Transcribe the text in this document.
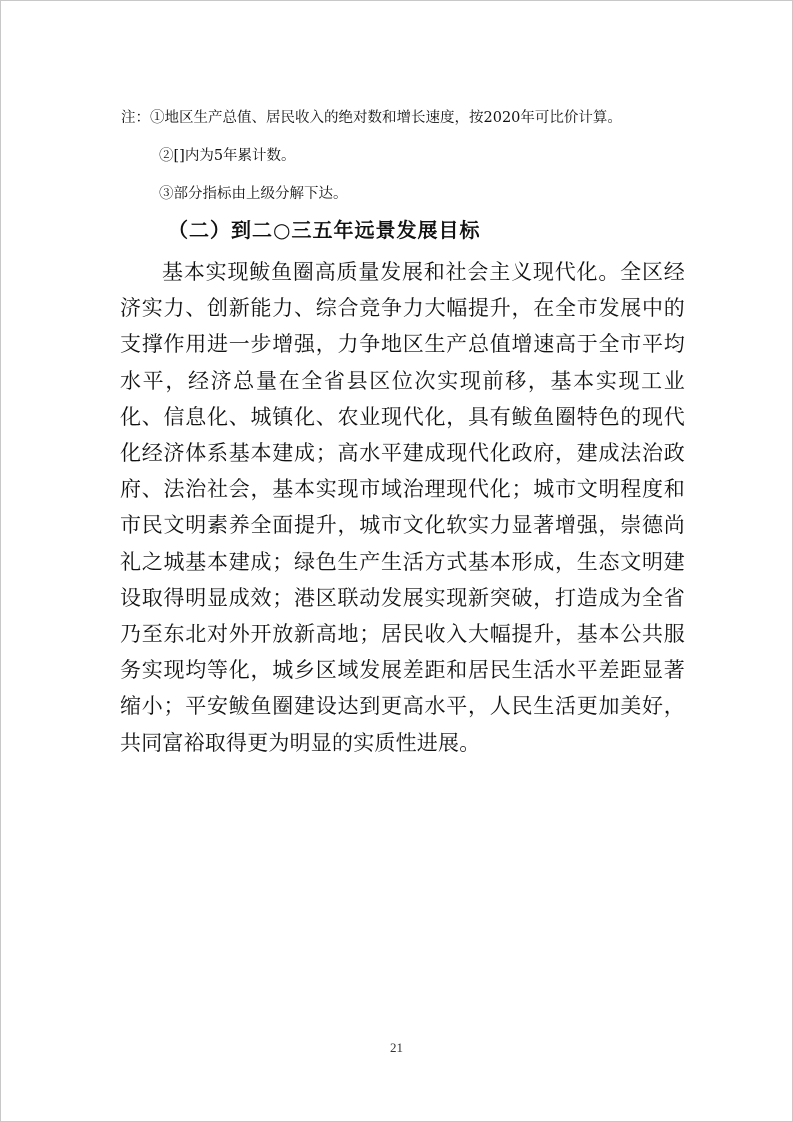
注：①地区生产总值、居民收入的绝对数和增长速度，按2020年可比价计算。
②[]内为5年累计数。
③部分指标由上级分解下达。
（二）到二○三五年远景发展目标

基本实现鲅鱼圈高质量发展和社会主义现代化。全区经济实力、创新能力、综合竞争力大幅提升，在全市发展中的支撑作用进一步增强，力争地区生产总值增速高于全市平均水平，经济总量在全省县区位次实现前移，基本实现工业化、信息化、城镇化、农业现代化，具有鲅鱼圈特色的现代化经济体系基本建成；高水平建成现代化政府，建成法治政府、法治社会，基本实现市域治理现代化；城市文明程度和市民文明素养全面提升，城市文化软实力显著增强，崇德尚礼之城基本建成；绿色生产生活方式基本形成，生态文明建设取得明显成效；港区联动发展实现新突破，打造成为全省乃至东北对外开放新高地；居民收入大幅提升，基本公共服务实现均等化，城乡区域发展差距和居民生活水平差距显著缩小；平安鲅鱼圈建设达到更高水平，人民生活更加美好，共同富裕取得更为明显的实质性进展。

21
